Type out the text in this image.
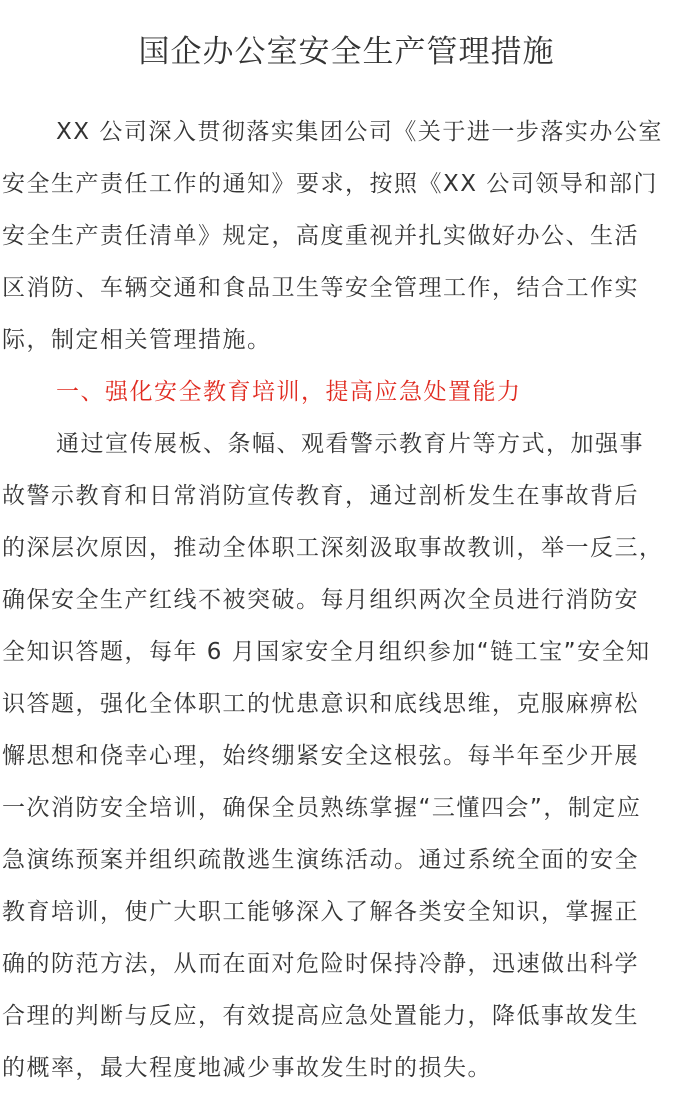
国企办公室安全生产管理措施
XX 公司深入贯彻落实集团公司《关于进一步落实办公室
安全生产责任工作的通知》要求，按照《XX 公司领导和部门
安全生产责任清单》规定，高度重视并扎实做好办公、生活
区消防、车辆交通和食品卫生等安全管理工作，结合工作实
际，制定相关管理措施。
一、强化安全教育培训，提高应急处置能力
通过宣传展板、条幅、观看警示教育片等方式，加强事
故警示教育和日常消防宣传教育，通过剖析发生在事故背后
的深层次原因，推动全体职工深刻汲取事故教训，举一反三，
确保安全生产红线不被突破。每月组织两次全员进行消防安
全知识答题，每年 6 月国家安全月组织参加“链工宝”安全知
识答题，强化全体职工的忧患意识和底线思维，克服麻痹松
懈思想和侥幸心理，始终绷紧安全这根弦。每半年至少开展
一次消防安全培训，确保全员熟练掌握“三懂四会”，制定应
急演练预案并组织疏散逃生演练活动。通过系统全面的安全
教育培训，使广大职工能够深入了解各类安全知识，掌握正
确的防范方法，从而在面对危险时保持冷静，迅速做出科学
合理的判断与反应，有效提高应急处置能力，降低事故发生
的概率，最大程度地减少事故发生时的损失。
